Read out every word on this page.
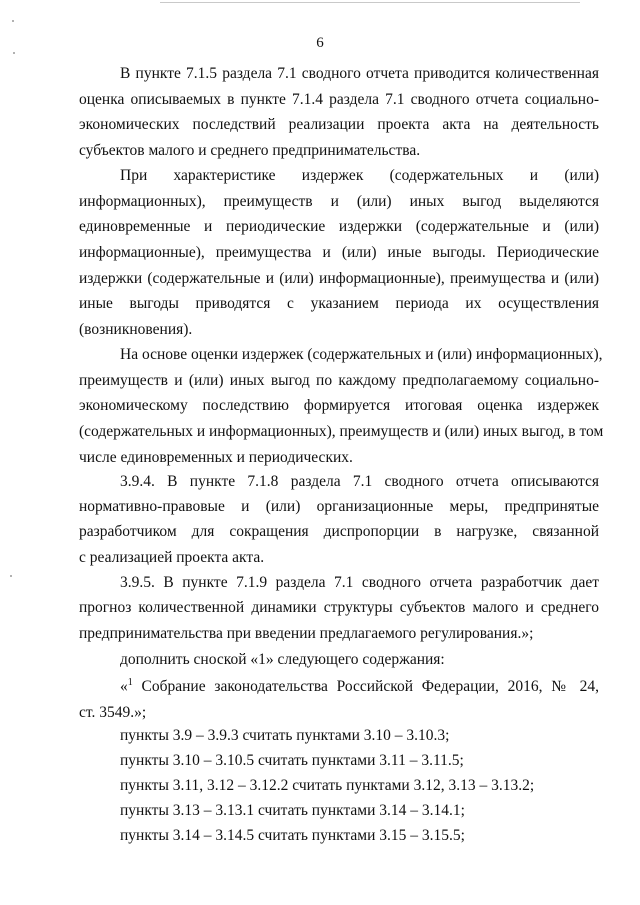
6
В пункте 7.1.5 раздела 7.1 сводного отчета приводится количественная
оценка описываемых в пункте 7.1.4 раздела 7.1 сводного отчета социально-
экономических последствий реализации проекта акта на деятельность
субъектов малого и среднего предпринимательства.
При характеристике издержек (содержательных и (или)
информационных), преимуществ и (или) иных выгод выделяются
единовременные и периодические издержки (содержательные и (или)
информационные), преимущества и (или) иные выгоды. Периодические
издержки (содержательные и (или) информационные), преимущества и (или)
иные выгоды приводятся с указанием периода их осуществления
(возникновения).
На основе оценки издержек (содержательных и (или) информационных),
преимуществ и (или) иных выгод по каждому предполагаемому социально-
экономическому последствию формируется итоговая оценка издержек
(содержательных и информационных), преимуществ и (или) иных выгод, в том
числе единовременных и периодических.
3.9.4. В пункте 7.1.8 раздела 7.1 сводного отчета описываются
нормативно-правовые и (или) организационные меры, предпринятые
разработчиком для сокращения диспропорции в нагрузке, связанной
с реализацией проекта акта.
3.9.5. В пункте 7.1.9 раздела 7.1 сводного отчета разработчик дает
прогноз количественной динамики структуры субъектов малого и среднего
предпринимательства при введении предлагаемого регулирования.»;
дополнить сноской «1» следующего содержания:
«$^1$ Собрание законодательства Российской Федерации, 2016, № 24,
ст. 3549.»;
пункты 3.9 – 3.9.3 считать пунктами 3.10 – 3.10.3;
пункты 3.10 – 3.10.5 считать пунктами 3.11 – 3.11.5;
пункты 3.11, 3.12 – 3.12.2 считать пунктами 3.12, 3.13 – 3.13.2;
пункты 3.13 – 3.13.1 считать пунктами 3.14 – 3.14.1;
пункты 3.14 – 3.14.5 считать пунктами 3.15 – 3.15.5;
